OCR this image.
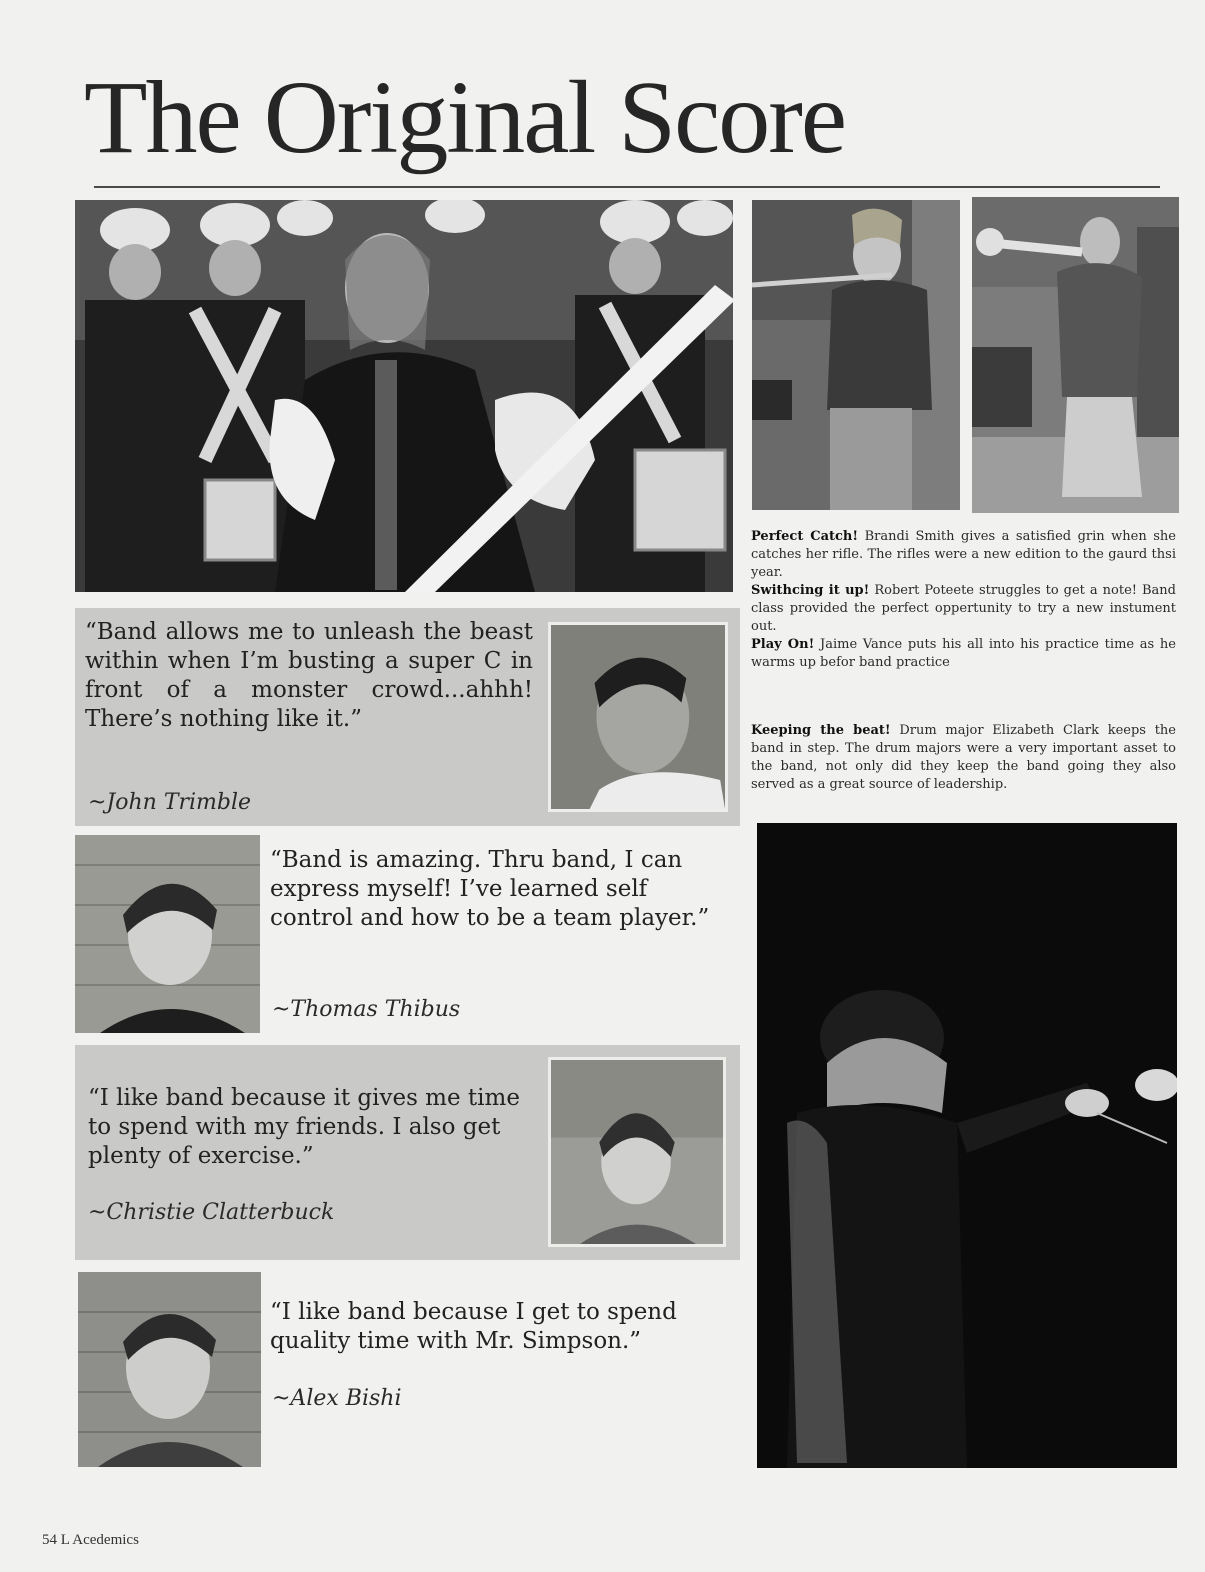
The Original Score

Perfect Catch! Brandi Smith gives a satisfied grin when she catches her rifle. The rifles were a new edition to the gaurd thsi year.

Swithcing it up! Robert Poteete struggles to get a note! Band class provided the perfect oppertunity to try a new instument out.

Play On! Jaime Vance puts his all into his practice time as he warms up befor band practice

Keeping the beat! Drum major Elizabeth Clark keeps the band in step. The drum majors were a very important asset to the band, not only did they keep the band going they also served as a great source of leadership.

“Band allows me to unleash the beast within when I’m busting a super C in front of a monster crowd...ahhh! There’s nothing like it.”
~John Trimble
“Band is amazing. Thru band, I can express myself! I’ve learned self control and how to be a team player.”
~Thomas Thibus
“I like band because it gives me time to spend with my friends. I also get plenty of exercise.”
~Christie Clatterbuck
“I like band because I get to spend quality time with Mr. Simpson.”
~Alex Bishi
54 L Acedemics
